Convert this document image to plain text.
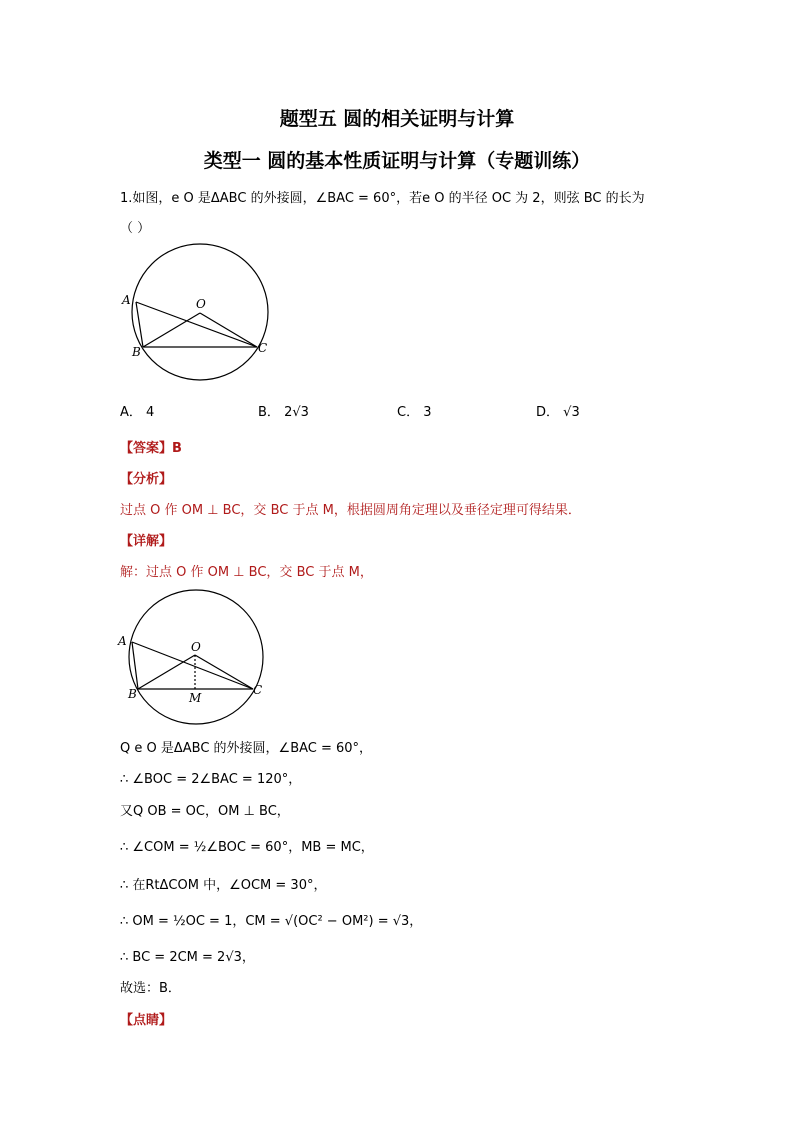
题型五 圆的相关证明与计算
类型一 圆的基本性质证明与计算（专题训练）
1.如图，e O 是ΔABC 的外接圆，∠BAC = 60°，若e O 的半径 OC 为 2，则弦 BC 的长为
（ ）
A
B	C
O
A． 4	B． 2√3	C． 3	D． √3
【答案】B
【分析】
过点 O 作 OM ⊥ BC，交 BC 于点 M，根据圆周角定理以及垂径定理可得结果．
【详解】
解：过点 O 作 OM ⊥ BC，交 BC 于点 M，
A
B	C
O
M
Q e O 是ΔABC 的外接圆，∠BAC = 60°，
∴ ∠BOC = 2∠BAC = 120°，
又Q OB = OC，OM ⊥ BC，
∴ ∠COM = ½∠BOC = 60°，MB = MC，
∴ 在RtΔCOM 中，∠OCM = 30°，
∴ OM = ½OC = 1，CM = √(OC² − OM²) = √3，
∴ BC = 2CM = 2√3，
故选：B．
【点睛】
